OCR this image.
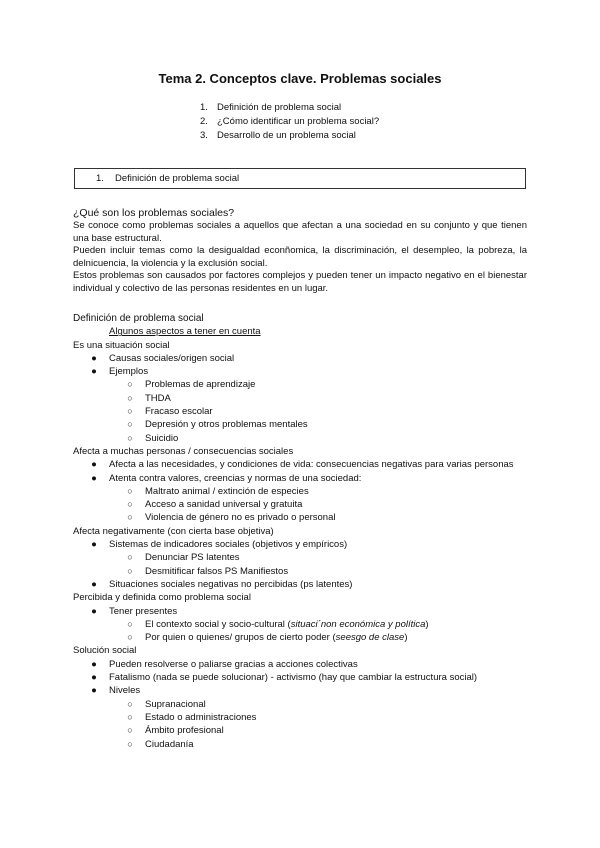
Tema 2. Conceptos clave. Problemas sociales
1. Definición de problema social
2. ¿Cómo identificar un problema social?
3. Desarrollo de un problema social
1. Definición de problema social
¿Qué son los problemas sociales?

Se conoce como problemas sociales a aquellos que afectan a una sociedad en su conjunto y que tienen una base estructural.

Pueden incluir temas como la desigualdad econñomica, la discriminación, el desempleo, la pobreza, la delnicuencia, la violencia y la exclusión social.

Estos problemas son causados por factores complejos y pueden tener un impacto negativo en el bienestar individual y colectivo de las personas residentes en un lugar.

Definición de problema social
Algunos aspectos a tener en cuenta
Es una situación social
●	Causas sociales/origen social
●	Ejemplos
○	Problemas de aprendizaje
○	THDA
○	Fracaso escolar
○	Depresión y otros problemas mentales
○	Suicidio
Afecta a muchas personas / consecuencias sociales
●	Afecta a las necesidades, y condiciones de vida: consecuencias negativas para varias personas
●	Atenta contra valores, creencias y normas de una sociedad:
○	Maltrato animal / extinción de especies
○	Acceso a sanidad universal y gratuita
○	Violencia de género no es privado o personal
Afecta negativamente (con cierta base objetiva)
●	Sistemas de indicadores sociales (objetivos y empíricos)
○	Denunciar PS latentes
○	Desmitificar falsos PS Manifiestos
●	Situaciones sociales negativas no percibidas (ps latentes)
Percibida y definida como problema social
●	Tener presentes
○	El contexto social y socio-cultural (situaci´non económica y política)
○	Por quien o quienes/ grupos de cierto poder (seesgo de clase)
Solución social
●	Pueden resolverse o paliarse gracias a acciones colectivas
●	Fatalismo (nada se puede solucionar) - activismo (hay que cambiar la estructura social)
●	Niveles
○	Supranacional
○	Estado o administraciones
○	Ámbito profesional
○	Ciudadanía
